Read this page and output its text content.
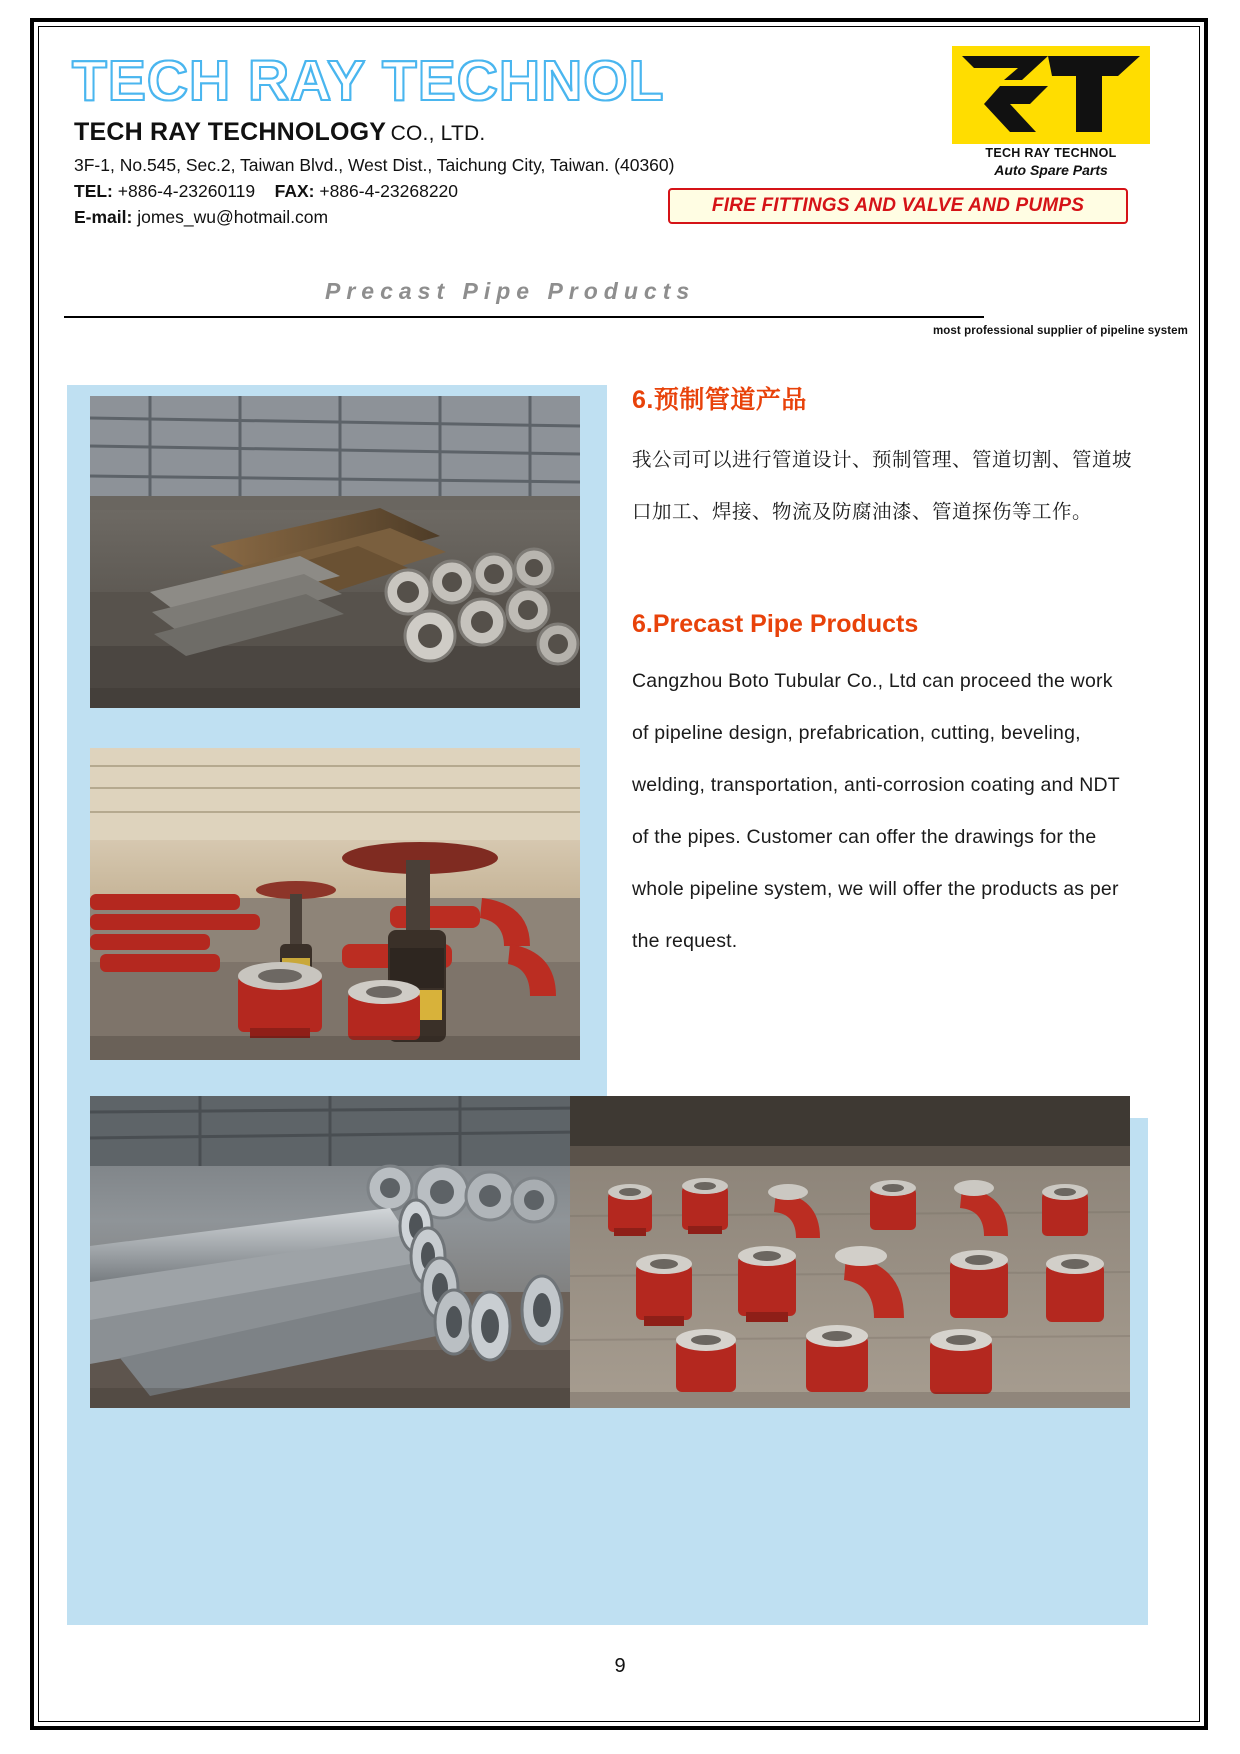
TECH RAY TECHNOL
TECH RAY TECHNOLOGY CO., LTD.
3F-1, No.545, Sec.2, Taiwan Blvd., West Dist., Taichung City, Taiwan. (40360)
TEL: +886-4-23260119 FAX: +886-4-23268220
E-mail: jomes_wu@hotmail.com
TECH RAY TECHNOL
Auto Spare Parts
FIRE FITTINGS AND VALVE AND PUMPS
Precast Pipe Products
most professional supplier of pipeline system
6.预制管道产品

我公司可以进行管道设计、预制管理、管道切割、管道坡口加工、焊接、物流及防腐油漆、管道探伤等工作。

6.Precast Pipe Products

Cangzhou Boto Tubular Co., Ltd can proceed the work of pipeline design, prefabrication, cutting, beveling, welding, transportation, anti-corrosion coating and NDT of the pipes. Customer can offer the drawings for the whole pipeline system, we will offer the products as per the request.

9
